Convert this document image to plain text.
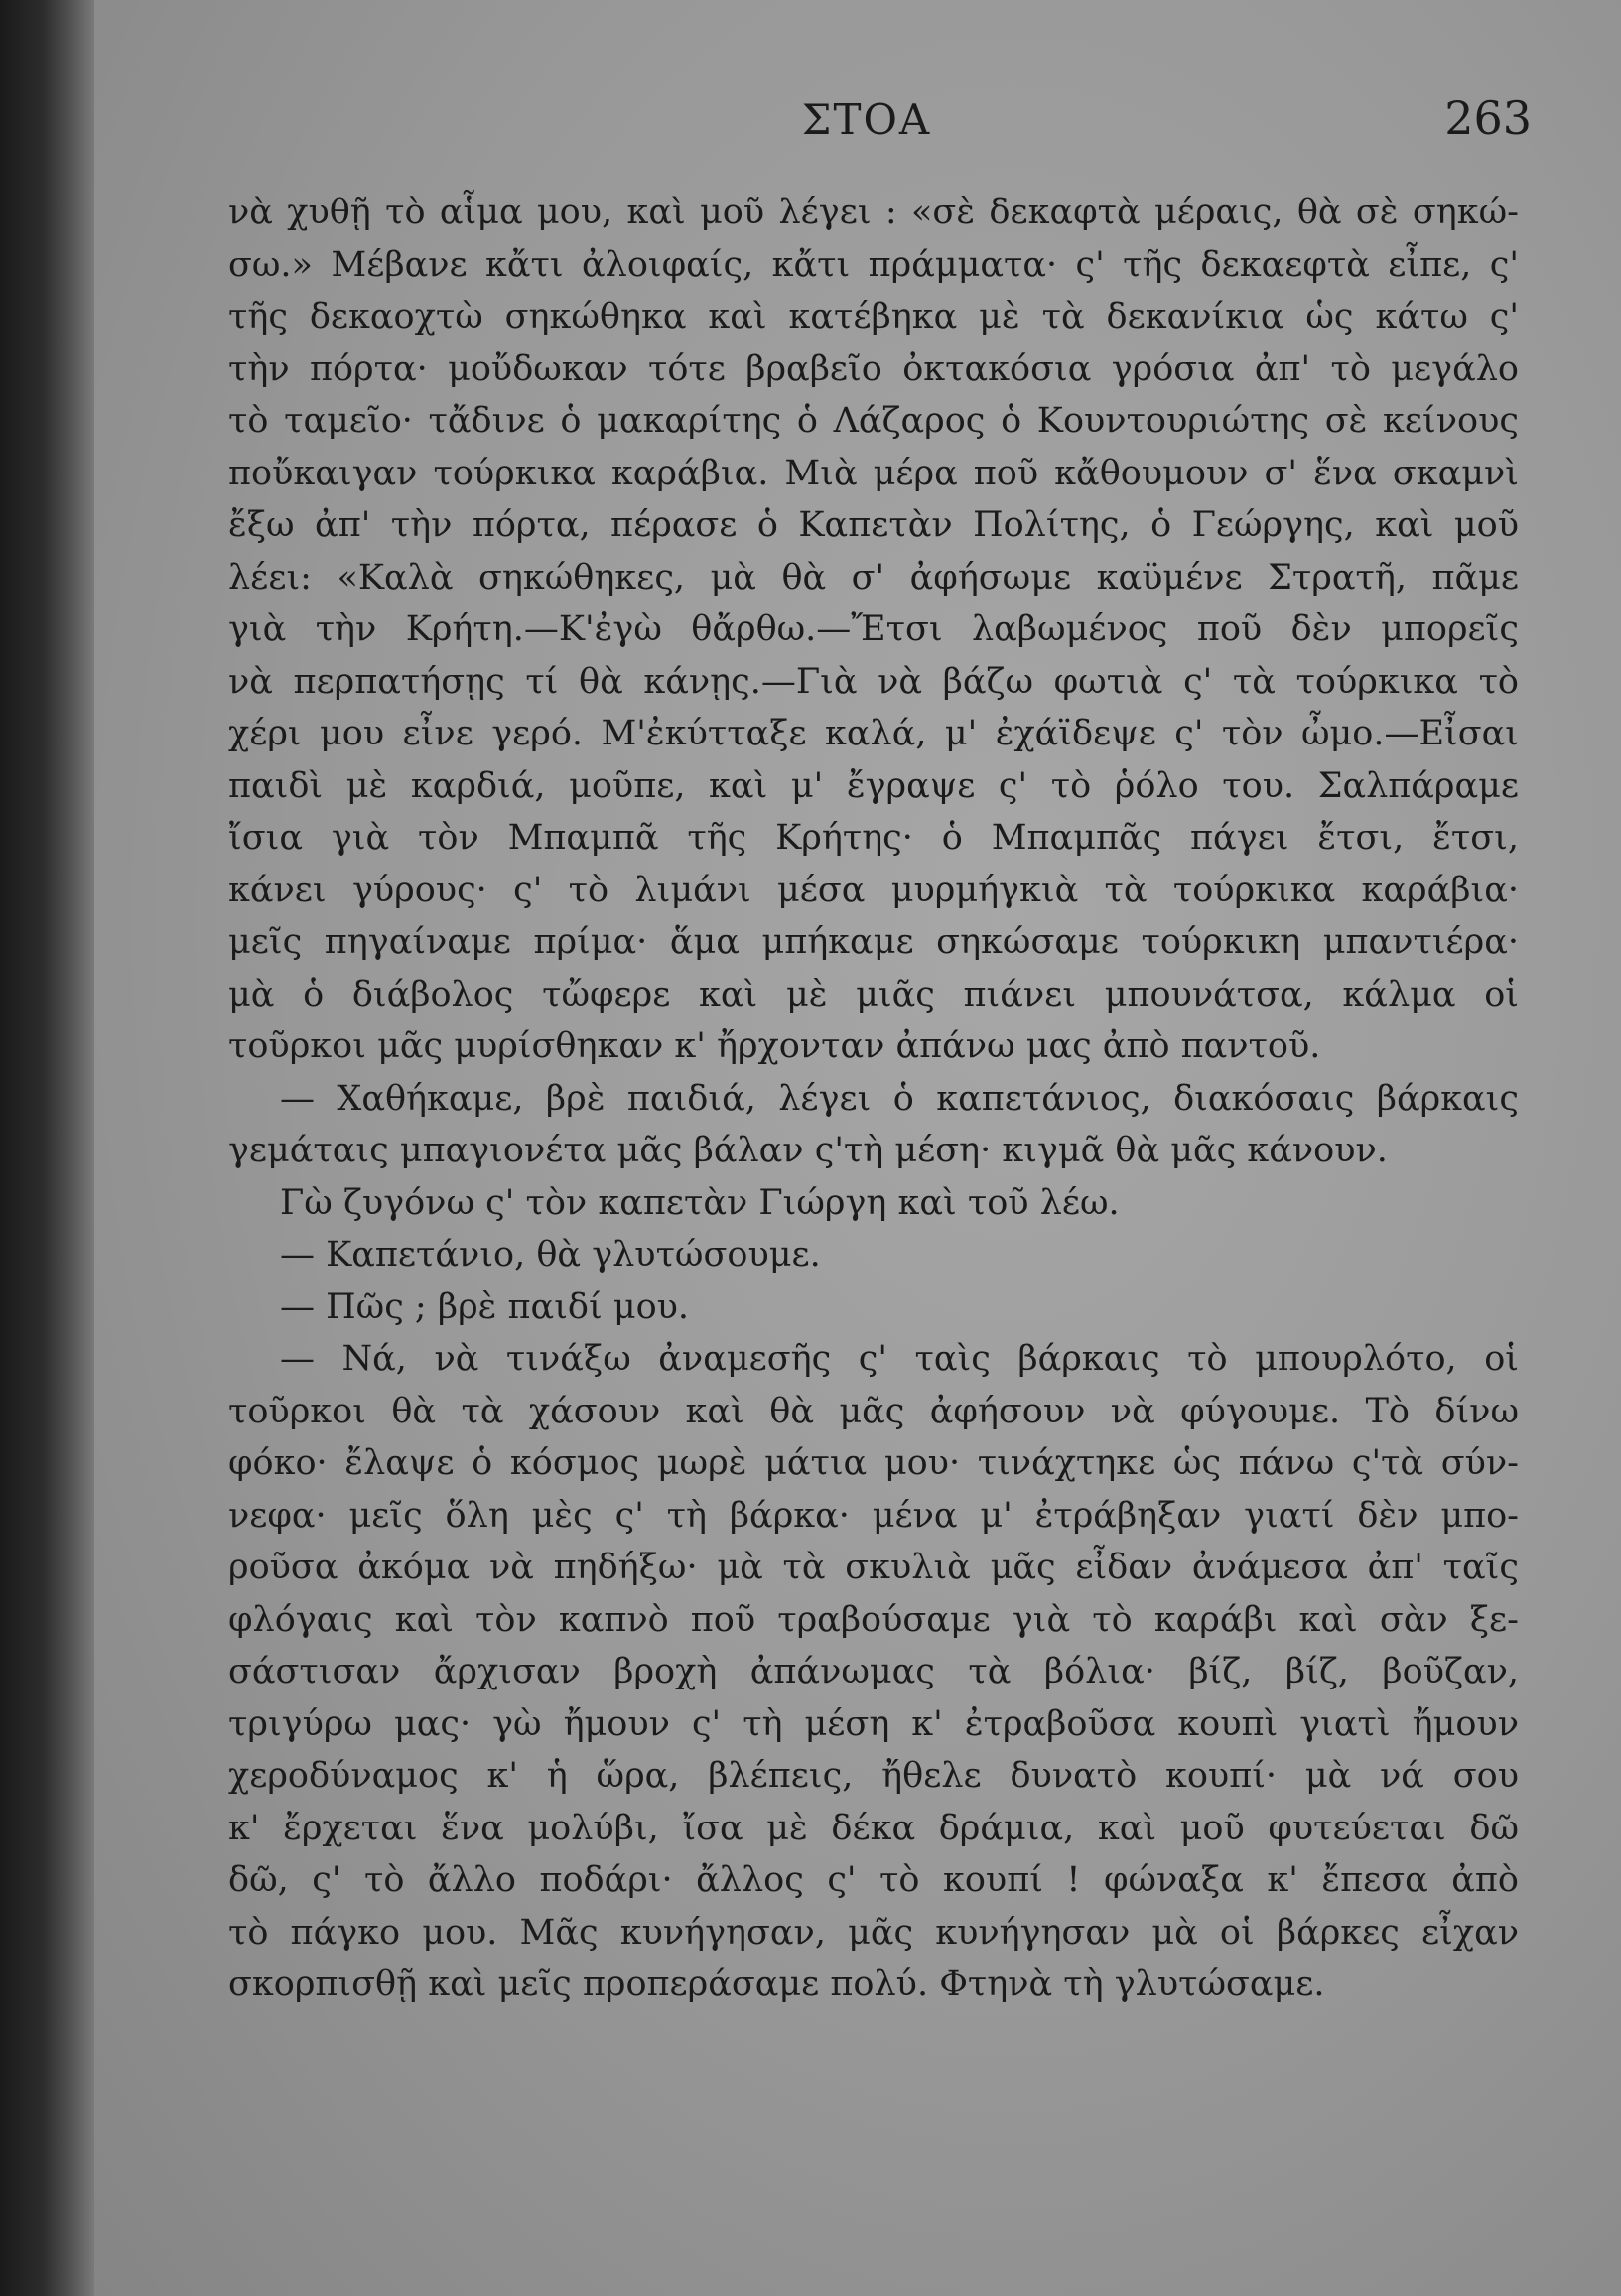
ΣΤΟΑ	263
νὰ χυθῇ τὸ αἷμα μου, καὶ μοῦ λέγει : «σὲ δεκαφτὰ μέραις, θὰ σὲ σηκώ-
σω.» Μέβανε κἄτι ἀλοιφαίς, κἄτι πράμματα· ς' τῆς δεκαεφτὰ εἶπε, ς'
τῆς δεκαοχτὼ σηκώθηκα καὶ κατέβηκα μὲ τὰ δεκανίκια ὡς κάτω ς'
τὴν πόρτα· μοὔδωκαν τότε βραβεῖο ὀκτακόσια γρόσια ἀπ' τὸ μεγάλο
τὸ ταμεῖο· τἄδινε ὁ μακαρίτης ὁ Λάζαρος ὁ Κουντουριώτης σὲ κείνους
ποὔκαιγαν τούρκικα καράβια. Μιὰ μέρα ποῦ κἄθουμουν σ' ἕνα σκαμνὶ
ἔξω ἀπ' τὴν πόρτα, πέρασε ὁ Καπετὰν Πολίτης, ὁ Γεώργης, καὶ μοῦ
λέει: «Καλὰ σηκώθηκες, μὰ θὰ σ' ἀφήσωμε καϋμένε Στρατῆ, πᾶμε
γιὰ τὴν Κρήτη.—Κ'ἐγὼ θἄρθω.—Ἔτσι λαβωμένος ποῦ δὲν μπορεῖς
νὰ περπατήσῃς τί θὰ κάνῃς.—Γιὰ νὰ βάζω φωτιὰ ς' τὰ τούρκικα τὸ
χέρι μου εἶνε γερό. Μ'ἐκύτταξε καλά, μ' ἐχάϊδεψε ς' τὸν ὦμο.—Εἶσαι
παιδὶ μὲ καρδιά, μοῦπε, καὶ μ' ἔγραψε ς' τὸ ῥόλο του. Σαλπάραμε
ἴσια γιὰ τὸν Μπαμπᾶ τῆς Κρήτης· ὁ Μπαμπᾶς πάγει ἔτσι, ἔτσι,
κάνει γύρους· ς' τὸ λιμάνι μέσα μυρμήγκιὰ τὰ τούρκικα καράβια·
μεῖς πηγαίναμε πρίμα· ἅμα μπήκαμε σηκώσαμε τούρκικη μπαντιέρα·
μὰ ὁ διάβολος τὤφερε καὶ μὲ μιᾶς πιάνει μπουνάτσα, κάλμα οἱ
τοῦρκοι μᾶς μυρίσθηκαν κ' ἤρχονταν ἀπάνω μας ἀπὸ παντοῦ.
— Χαθήκαμε, βρὲ παιδιά, λέγει ὁ καπετάνιος, διακόσαις βάρκαις
γεμάταις μπαγιονέτα μᾶς βάλαν ς'τὴ μέση· κιγμᾶ θὰ μᾶς κάνουν.
Γὼ ζυγόνω ς' τὸν καπετὰν Γιώργη καὶ τοῦ λέω.
— Καπετάνιο, θὰ γλυτώσουμε.
— Πῶς ; βρὲ παιδί μου.
— Νά, νὰ τινάξω ἀναμεσῆς ς' ταὶς βάρκαις τὸ μπουρλότο, οἱ
τοῦρκοι θὰ τὰ χάσουν καὶ θὰ μᾶς ἀφήσουν νὰ φύγουμε. Τὸ δίνω
φόκο· ἔλαψε ὁ κόσμος μωρὲ μάτια μου· τινάχτηκε ὡς πάνω ς'τὰ σύν-
νεφα· μεῖς ὅλη μὲς ς' τὴ βάρκα· μένα μ' ἐτράβηξαν γιατί δὲν μπο-
ροῦσα ἀκόμα νὰ πηδήξω· μὰ τὰ σκυλιὰ μᾶς εἶδαν ἀνάμεσα ἀπ' ταῖς
φλόγαις καὶ τὸν καπνὸ ποῦ τραβούσαμε γιὰ τὸ καράβι καὶ σὰν ξε-
σάστισαν ἄρχισαν βροχὴ ἀπάνωμας τὰ βόλια· βίζ, βίζ, βοῦζαν,
τριγύρω μας· γὼ ἤμουν ς' τὴ μέση κ' ἐτραβοῦσα κουπὶ γιατὶ ἤμουν
χεροδύναμος κ' ἡ ὥρα, βλέπεις, ἤθελε δυνατὸ κουπί· μὰ νά σου
κ' ἔρχεται ἕνα μολύβι, ἴσα μὲ δέκα δράμια, καὶ μοῦ φυτεύεται δῶ
δῶ, ς' τὸ ἄλλο ποδάρι· ἄλλος ς' τὸ κουπί ! φώναξα κ' ἔπεσα ἀπὸ
τὸ πάγκο μου. Μᾶς κυνήγησαν, μᾶς κυνήγησαν μὰ οἱ βάρκες εἶχαν
σκορπισθῇ καὶ μεῖς προπεράσαμε πολύ. Φτηνὰ τὴ γλυτώσαμε.
